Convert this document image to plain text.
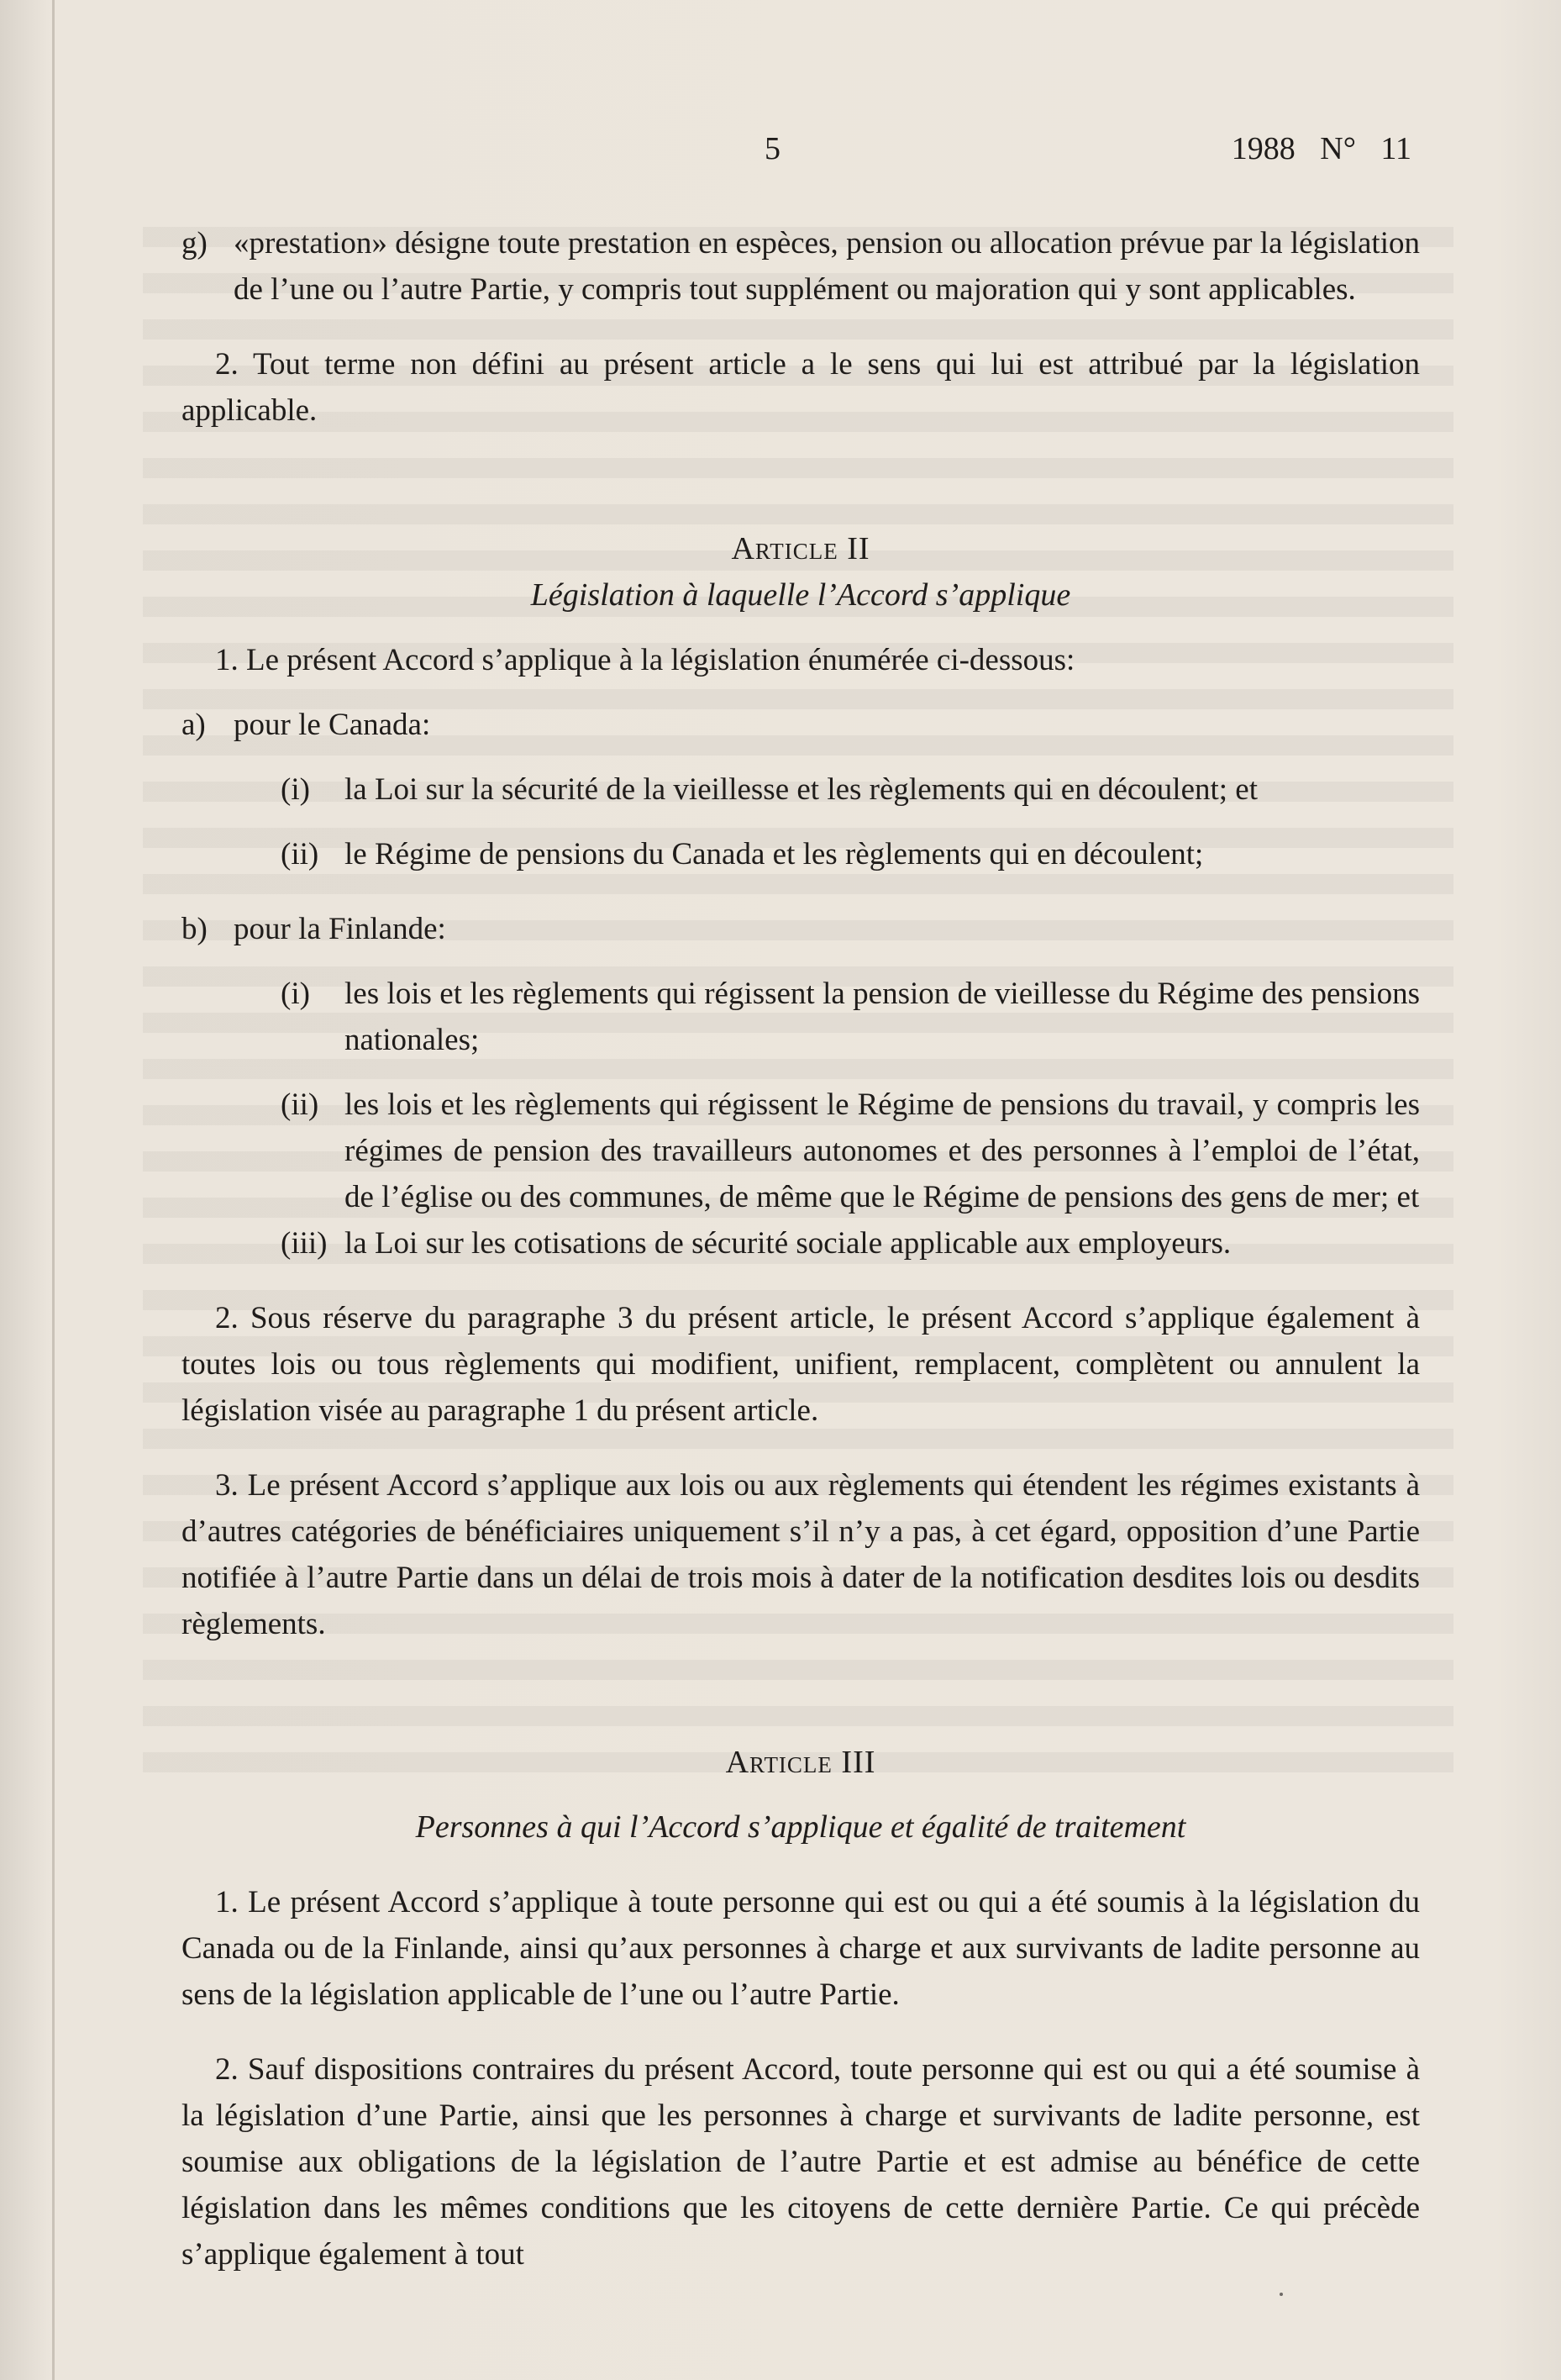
5	1988 N° 11

g) «prestation» désigne toute prestation en espèces, pension ou allocation prévue par la législation de l’une ou l’autre Partie, y compris tout supplément ou majoration qui y sont applicables.

2. Tout terme non défini au présent article a le sens qui lui est attribué par la législation applicable.

Article II

Législation à laquelle l’Accord s’applique

1. Le présent Accord s’applique à la législation énumérée ci-dessous:

a) pour le Canada:

(i) la Loi sur la sécurité de la vieillesse et les règlements qui en découlent; et

(ii) le Régime de pensions du Canada et les règlements qui en découlent;

b) pour la Finlande:

(i) les lois et les règlements qui régissent la pension de vieillesse du Régime des pensions nationales;

(ii) les lois et les règlements qui régissent le Régime de pensions du travail, y compris les régimes de pension des travailleurs autonomes et des personnes à l’emploi de l’état, de l’église ou des communes, de même que le Régime de pensions des gens de mer; et

(iii) la Loi sur les cotisations de sécurité sociale applicable aux employeurs.

2. Sous réserve du paragraphe 3 du présent article, le présent Accord s’applique également à toutes lois ou tous règlements qui modifient, unifient, remplacent, complètent ou annulent la législation visée au paragraphe 1 du présent article.

3. Le présent Accord s’applique aux lois ou aux règlements qui étendent les régimes existants à d’autres catégories de bénéficiaires uniquement s’il n’y a pas, à cet égard, opposition d’une Partie notifiée à l’autre Partie dans un délai de trois mois à dater de la notification desdites lois ou desdits règlements.

Article III

Personnes à qui l’Accord s’applique et égalité de traitement

1. Le présent Accord s’applique à toute personne qui est ou qui a été soumis à la législation du Canada ou de la Finlande, ainsi qu’aux personnes à charge et aux survivants de ladite personne au sens de la législation applicable de l’une ou l’autre Partie.

2. Sauf dispositions contraires du présent Accord, toute personne qui est ou qui a été soumise à la législation d’une Partie, ainsi que les personnes à charge et survivants de ladite personne, est soumise aux obligations de la législation de l’autre Partie et est admise au bénéfice de cette législation dans les mêmes conditions que les citoyens de cette dernière Partie. Ce qui précède s’applique également à tout
